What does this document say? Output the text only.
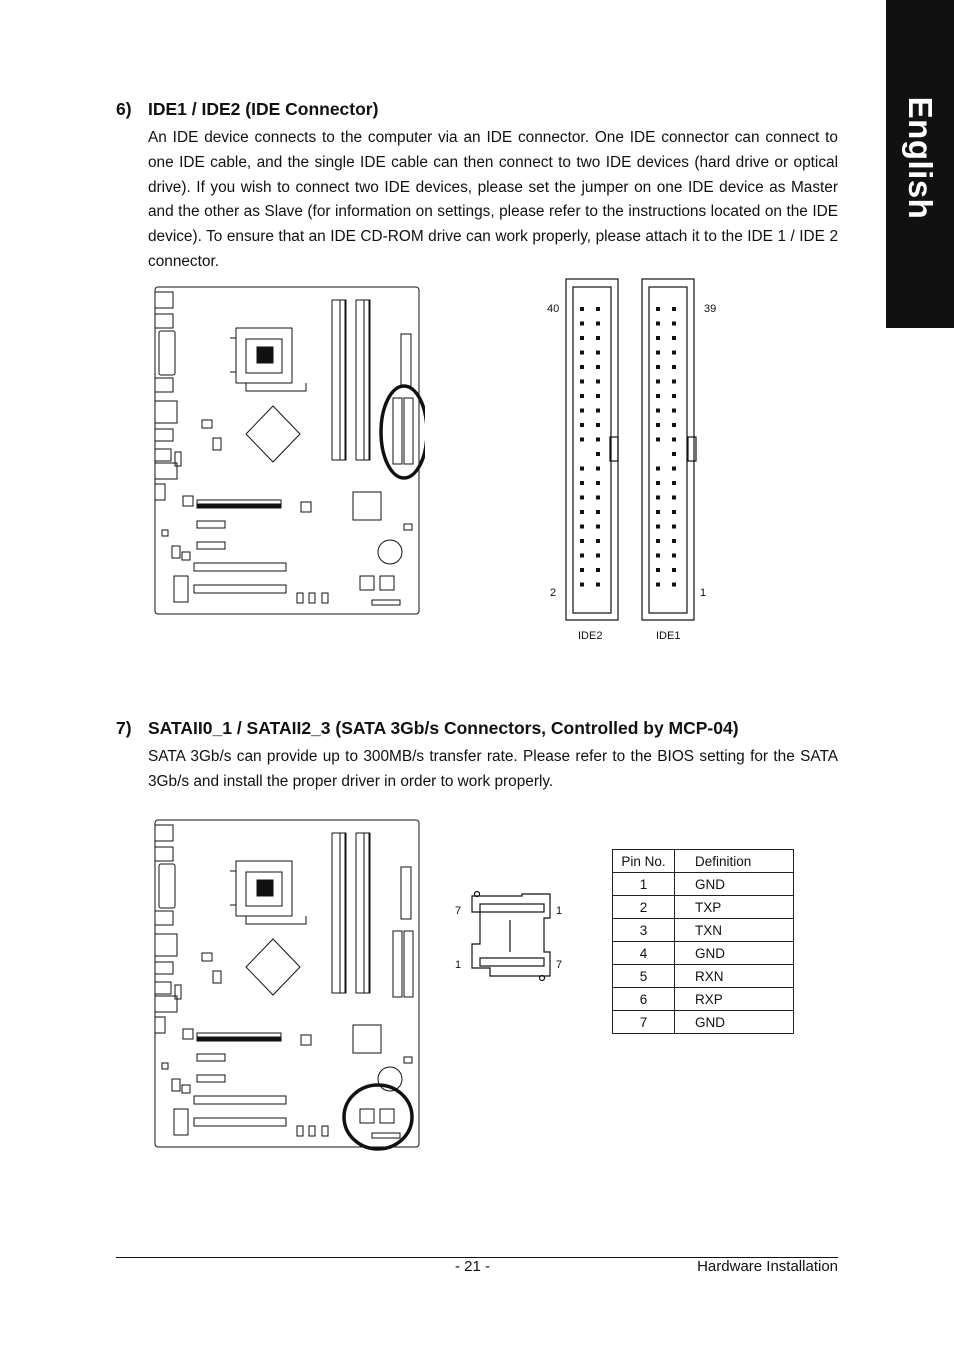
English
6) IDE1 / IDE2 (IDE Connector)
An IDE device connects to the computer via an IDE connector. One IDE connector can connect to one IDE cable, and the single IDE cable can then connect to two IDE devices (hard drive or optical drive). If you wish to connect two IDE devices, please set the jumper on one IDE device as Master and the other as Slave (for information on settings, please refer to the instructions located on the IDE device). To ensure that an IDE CD-ROM drive can work properly, please attach it to the IDE 1 / IDE 2 connector.
40	39
2	1
IDE2	IDE1
7) SATAII0_1 / SATAII2_3 (SATA 3Gb/s Connectors, Controlled by MCP-04)
SATA 3Gb/s can provide up to 300MB/s transfer rate. Please refer to the BIOS setting for the SATA 3Gb/s and install the proper driver in order to work properly.
7	1
1	7
Pin No.	Definition
1	GND
2	TXP
3	TXN
4	GND
5	RXN
6	RXP
7	GND
- 21 -	Hardware Installation
